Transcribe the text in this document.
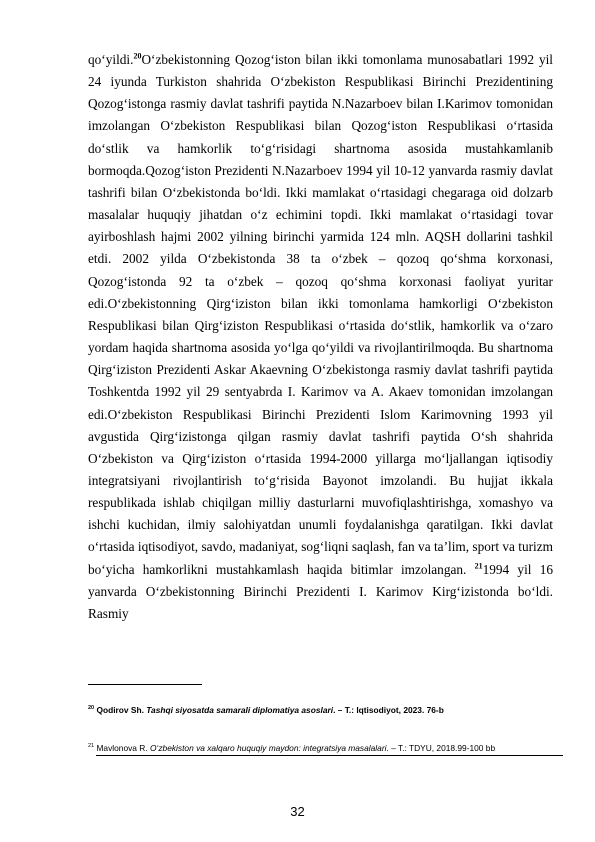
qo‘yildi.$^{20}$O‘zbekistonning Qozog‘iston bilan ikki tomonlama munosabatlari 1992 yil 24 iyunda Turkiston shahrida O‘zbekiston Respublikasi Birinchi Prezidentining Qozog‘istonga rasmiy davlat tashrifi paytida N.Nazarboev bilan I.Karimov tomonidan imzolangan O‘zbekiston Respublikasi bilan Qozog‘iston Respublikasi o‘rtasida do‘stlik va hamkorlik to‘g‘risidagi shartnoma asosida mustahkamlanib bormoqda.Qozog‘iston Prezidenti N.Nazarboev 1994 yil 10-12 yanvarda rasmiy davlat tashrifi bilan O‘zbekistonda bo‘ldi. Ikki mamlakat o‘rtasidagi chegaraga oid dolzarb masalalar huquqiy jihatdan o‘z echimini topdi. Ikki mamlakat o‘rtasidagi tovar ayirboshlash hajmi 2002 yilning birinchi yarmida 124 mln. AQSH dollarini tashkil etdi. 2002 yilda O‘zbekistonda 38 ta o‘zbek – qozoq qo‘shma korxonasi, Qozog‘istonda 92 ta o‘zbek – qozoq qo‘shma korxonasi faoliyat yuritar edi.O‘zbekistonning Qirg‘iziston bilan ikki tomonlama hamkorligi O‘zbekiston Respublikasi bilan Qirg‘iziston Respublikasi o‘rtasida do‘stlik, hamkorlik va o‘zaro yordam haqida shartnoma asosida yo‘lga qo‘yildi va rivojlantirilmoqda. Bu shartnoma Qirg‘iziston Prezidenti Askar Akaevning O‘zbekistonga rasmiy davlat tashrifi paytida Toshkentda 1992 yil 29 sentyabrda I. Karimov va A. Akaev tomonidan imzolangan edi.O‘zbekiston Respublikasi Birinchi Prezidenti Islom Karimovning 1993 yil avgustida Qirg‘izistonga qilgan rasmiy davlat tashrifi paytida O‘sh shahrida O‘zbekiston va Qirg‘iziston o‘rtasida 1994-2000 yillarga mo‘ljallangan iqtisodiy integratsiyani rivojlantirish to‘g‘risida Bayonot imzolandi. Bu hujjat ikkala respublikada ishlab chiqilgan milliy dasturlarni muvofiqlashtirishga, xomashyo va ishchi kuchidan, ilmiy salohiyatdan unumli foydalanishga qaratilgan. Ikki davlat o‘rtasida iqtisodiyot, savdo, madaniyat, sog‘liqni saqlash, fan va ta’lim, sport va turizm bo‘yicha hamkorlikni mustahkamlash haqida bitimlar imzolangan. $^{21}$1994 yil 16 yanvarda O‘zbekistonning Birinchi Prezidenti I. Karimov Kirg‘izistonda bo‘ldi. Rasmiy

$^{20}$ Qodirov Sh. Tashqi siyosatda samarali diplomatiya asoslari. – T.: Iqtisodiyot, 2023. 76-b
$^{21}$ Mavlonova R. O‘zbekiston va xalqaro huquqiy maydon: integratsiya masalalari. – T.: TDYU, 2018.99-100 bb
32
